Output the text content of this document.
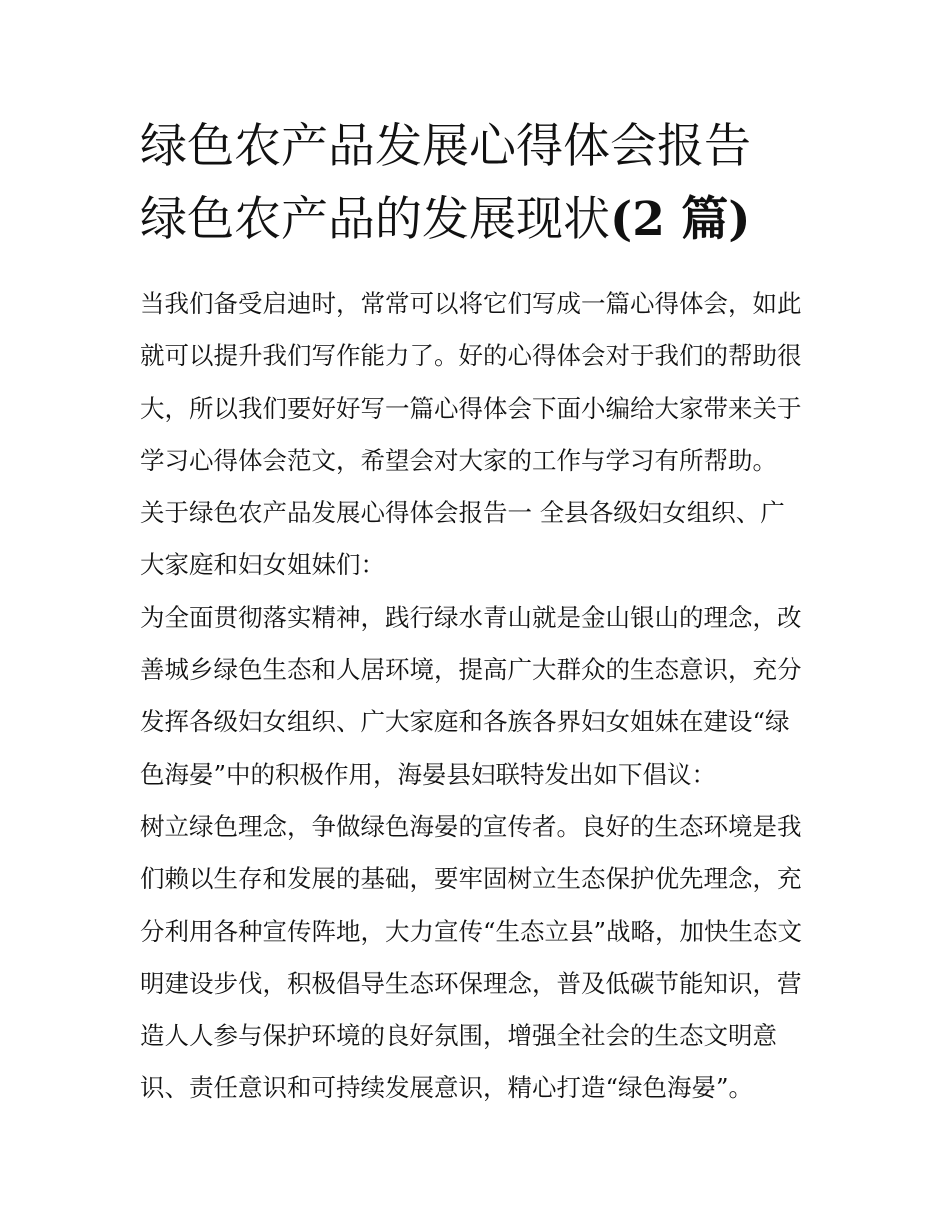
绿色农产品发展心得体会报告
绿色农产品的发展现状(2 篇)
当我们备受启迪时，常常可以将它们写成一篇心得体会，如此
就可以提升我们写作能力了。好的心得体会对于我们的帮助很
大，所以我们要好好写一篇心得体会下面小编给大家带来关于
学习心得体会范文，希望会对大家的工作与学习有所帮助。
关于绿色农产品发展心得体会报告一 全县各级妇女组织、广
大家庭和妇女姐妹们：
为全面贯彻落实精神，践行绿水青山就是金山银山的理念，改
善城乡绿色生态和人居环境，提高广大群众的生态意识，充分
发挥各级妇女组织、广大家庭和各族各界妇女姐妹在建设“绿
色海晏”中的积极作用，海晏县妇联特发出如下倡议：
树立绿色理念，争做绿色海晏的宣传者。良好的生态环境是我
们赖以生存和发展的基础，要牢固树立生态保护优先理念，充
分利用各种宣传阵地，大力宣传“生态立县”战略，加快生态文
明建设步伐，积极倡导生态环保理念，普及低碳节能知识，营
造人人参与保护环境的良好氛围，增强全社会的生态文明意
识、责任意识和可持续发展意识，精心打造“绿色海晏”。
